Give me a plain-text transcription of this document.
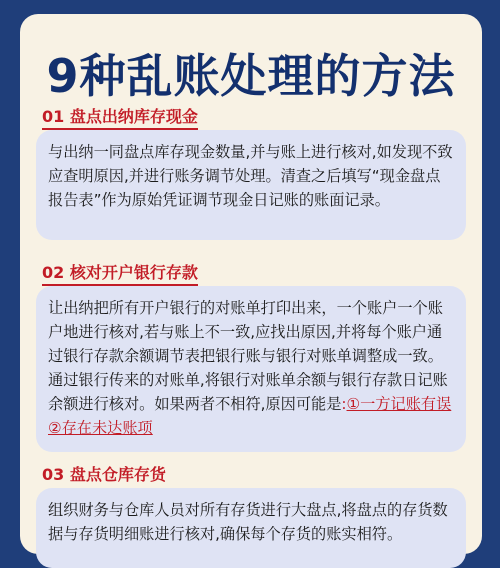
9种乱账处理的方法
01 盘点出纳库存现金
与出纳一同盘点库存现金数量,并与账上进行核对,如发现不致应查明原因,并进行账务调节处理。清查之后填写“现金盘点报告表”作为原始凭证调节现金日记账的账面记录。
02 核对开户银行存款
让出纳把所有开户银行的对账单打印出来，一个账户一个账户地进行核对,若与账上不一致,应找出原因,并将每个账户通过银行存款余额调节表把银行账与银行对账单调整成一致。通过银行传来的对账单,将银行对账单余额与银行存款日记账余额进行核对。如果两者不相符,原因可能是:①一方记账有误 ②存在未达账项
03 盘点仓库存货
组织财务与仓库人员对所有存货进行大盘点,将盘点的存货数据与存货明细账进行核对,确保每个存货的账实相符。
